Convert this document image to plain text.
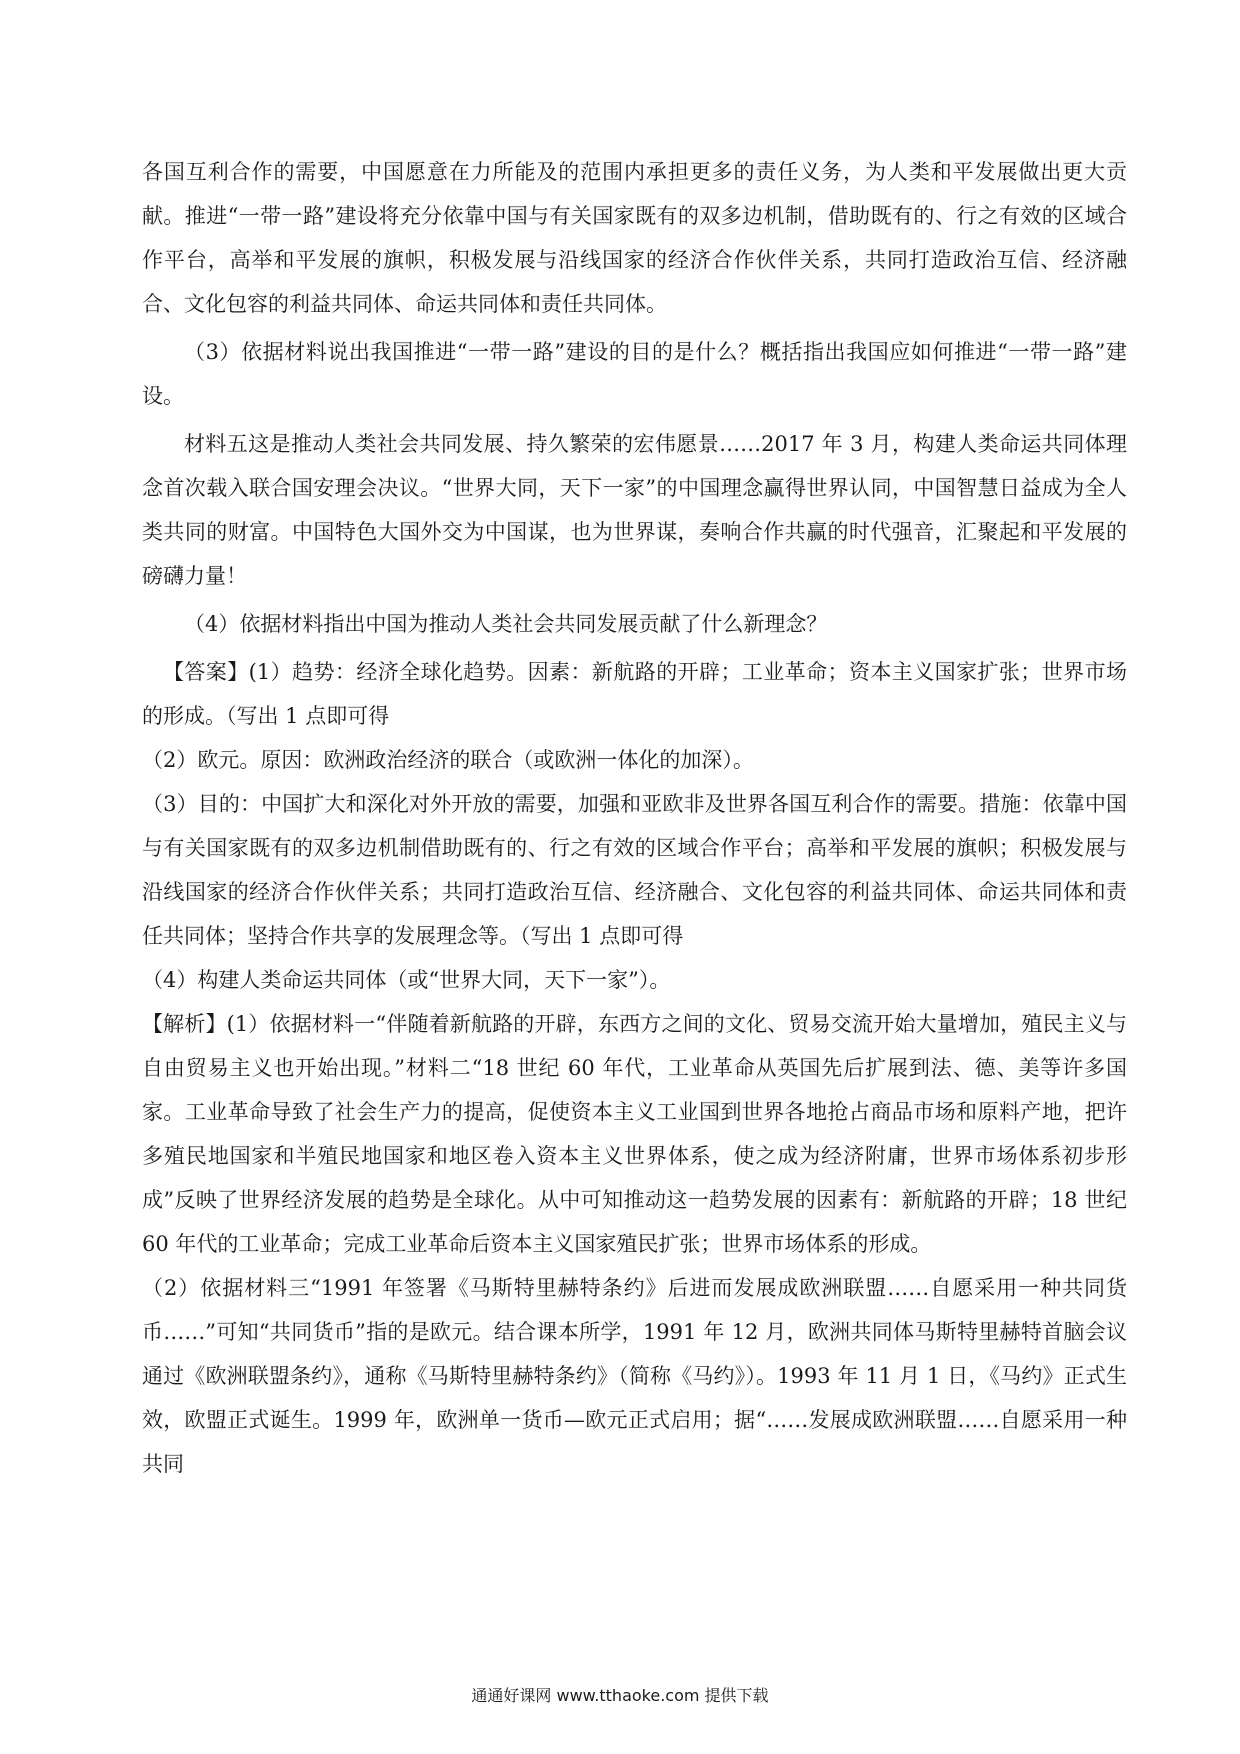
各国互利合作的需要，中国愿意在力所能及的范围内承担更多的责任义务，为人类和平发展做出更大贡献。推进“一带一路”建设将充分依靠中国与有关国家既有的双多边机制，借助既有的、行之有效的区域合作平台，高举和平发展的旗帜，积极发展与沿线国家的经济合作伙伴关系，共同打造政治互信、经济融合、文化包容的利益共同体、命运共同体和责任共同体。

（3）依据材料说出我国推进“一带一路”建设的目的是什么？概括指出我国应如何推进“一带一路”建设。

材料五这是推动人类社会共同发展、持久繁荣的宏伟愿景……2017 年 3 月，构建人类命运共同体理念首次载入联合国安理会决议。“世界大同，天下一家”的中国理念赢得世界认同，中国智慧日益成为全人类共同的财富。中国特色大国外交为中国谋，也为世界谋，奏响合作共赢的时代强音，汇聚起和平发展的磅礴力量！

（4）依据材料指出中国为推动人类社会共同发展贡献了什么新理念？

【答案】(1）趋势：经济全球化趋势。因素：新航路的开辟；工业革命；资本主义国家扩张；世界市场的形成。（写出 1 点即可得

（2）欧元。原因：欧洲政治经济的联合（或欧洲一体化的加深）。

（3）目的：中国扩大和深化对外开放的需要，加强和亚欧非及世界各国互利合作的需要。措施：依靠中国与有关国家既有的双多边机制借助既有的、行之有效的区域合作平台；高举和平发展的旗帜；积极发展与沿线国家的经济合作伙伴关系；共同打造政治互信、经济融合、文化包容的利益共同体、命运共同体和责任共同体；坚持合作共享的发展理念等。（写出 1 点即可得

（4）构建人类命运共同体（或“世界大同，天下一家”）。

【解析】(1）依据材料一“伴随着新航路的开辟，东西方之间的文化、贸易交流开始大量增加，殖民主义与自由贸易主义也开始出现。”材料二“18 世纪 60 年代，工业革命从英国先后扩展到法、德、美等许多国家。工业革命导致了社会生产力的提高，促使资本主义工业国到世界各地抢占商品市场和原料产地，把许多殖民地国家和半殖民地国家和地区卷入资本主义世界体系，使之成为经济附庸，世界市场体系初步形成”反映了世界经济发展的趋势是全球化。从中可知推动这一趋势发展的因素有：新航路的开辟；18 世纪 60 年代的工业革命；完成工业革命后资本主义国家殖民扩张；世界市场体系的形成。

（2）依据材料三“1991 年签署《马斯特里赫特条约》后进而发展成欧洲联盟……自愿采用一种共同货币……”可知“共同货币”指的是欧元。结合课本所学，1991 年 12 月，欧洲共同体马斯特里赫特首脑会议通过《欧洲联盟条约》，通称《马斯特里赫特条约》（简称《马约》）。1993 年 11 月 1 日，《马约》正式生效，欧盟正式诞生。1999 年，欧洲单一货币—欧元正式启用；据“……发展成欧洲联盟……自愿采用一种共同

通通好课网 www.tthaoke.com 提供下载
